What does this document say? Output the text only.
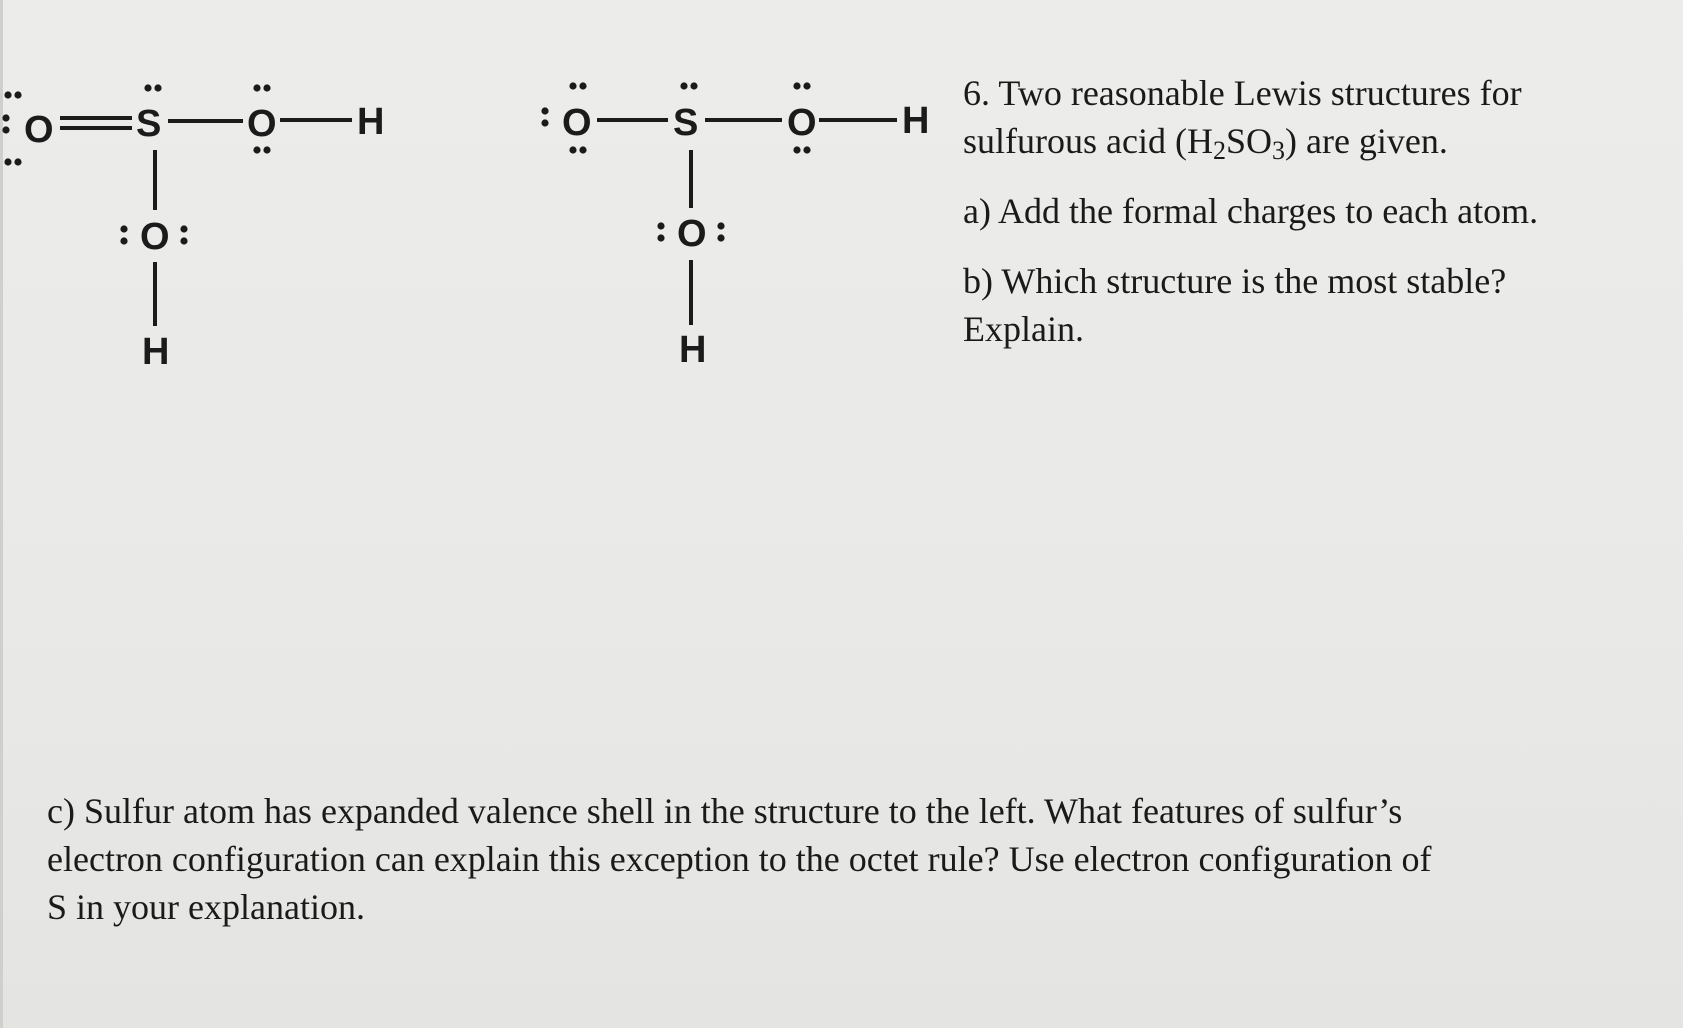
O S O H
O
H
O S O H
O
H

6. Two reasonable Lewis structures for

sulfurous acid $(H_2SO_3)$ are given.

a) Add the formal charges to each atom.

b) Which structure is the most stable?

Explain.

c) Sulfur atom has expanded valence shell in the structure to the left. What features of sulfur’s

electron configuration can explain this exception to the octet rule? Use electron configuration of

S in your explanation.
